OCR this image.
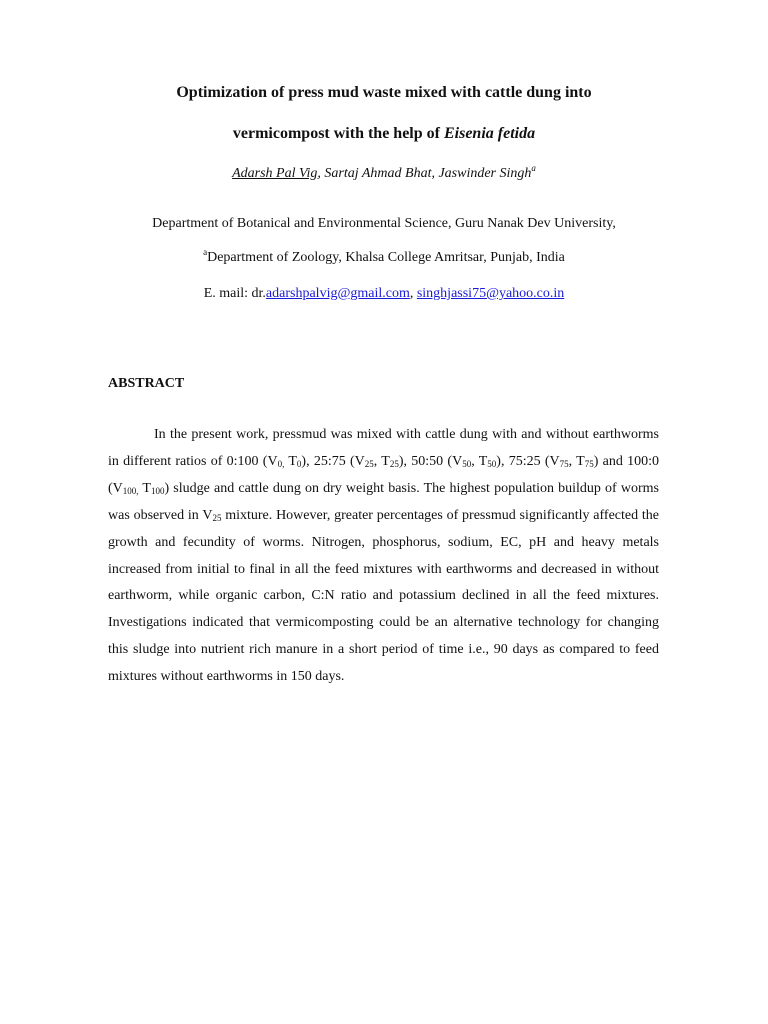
Optimization of press mud waste mixed with cattle dung into
vermicompost with the help of Eisenia fetida
Adarsh Pal Vig, Sartaj Ahmad Bhat, Jaswinder Singh$^a$
Department of Botanical and Environmental Science, Guru Nanak Dev University,
$^a$Department of Zoology, Khalsa College Amritsar, Punjab, India
E. mail: dr.adarshpalvig@gmail.com, singhjassi75@yahoo.co.in
ABSTRACT

In the present work, pressmud was mixed with cattle dung with and without earthworms in different ratios of 0:100 ($V_{0,}$ $T_0$), 25:75 ($V_{25}$, $T_{25}$), 50:50 ($V_{50}$, $T_{50}$), 75:25 ($V_{75}$, $T_{75}$) and 100:0 ($V_{100,}$ $T_{100}$) sludge and cattle dung on dry weight basis. The highest population buildup of worms was observed in $V_{25}$ mixture. However, greater percentages of pressmud significantly affected the growth and fecundity of worms. Nitrogen, phosphorus, sodium, EC, pH and heavy metals increased from initial to final in all the feed mixtures with earthworms and decreased in without earthworm, while organic carbon, C:N ratio and potassium declined in all the feed mixtures. Investigations indicated that vermicomposting could be an alternative technology for changing this sludge into nutrient rich manure in a short period of time i.e., 90 days as compared to feed mixtures without earthworms in 150 days.
